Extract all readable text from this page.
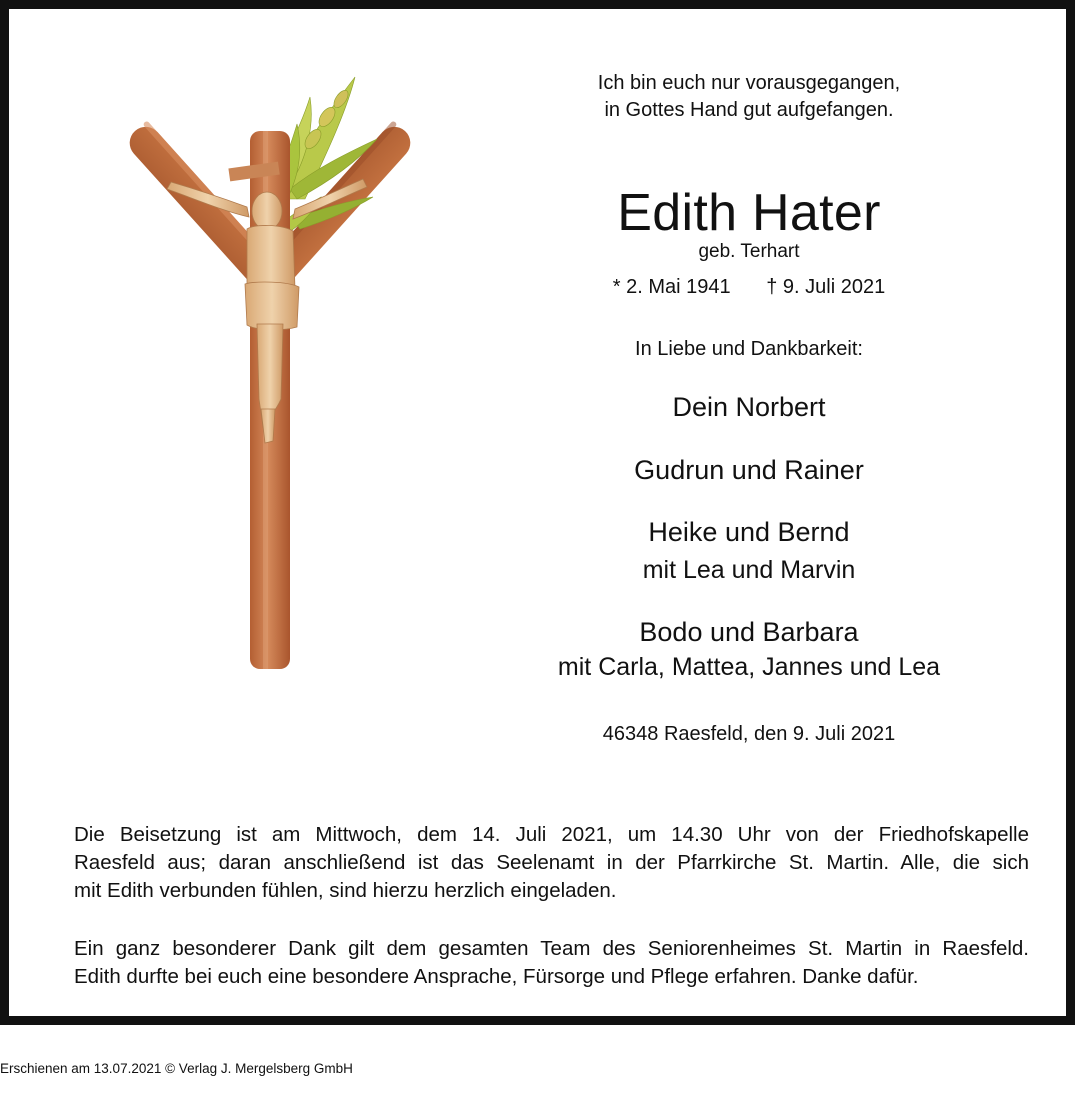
Ich bin euch nur vorausgegangen,
in Gottes Hand gut aufgefangen.
Edith Hater
geb. Terhart
* 2. Mai 1941 † 9. Juli 2021
In Liebe und Dankbarkeit:
Dein Norbert
Gudrun und Rainer
Heike und Bernd
mit Lea und Marvin
Bodo und Barbara
mit Carla, Mattea, Jannes und Lea
46348 Raesfeld, den 9. Juli 2021
Die Beisetzung ist am Mittwoch, dem 14. Juli 2021, um 14.30 Uhr von der Friedhofskapelle
Raesfeld aus; daran anschließend ist das Seelenamt in der Pfarrkirche St. Martin. Alle, die sich
mit Edith verbunden fühlen, sind hierzu herzlich eingeladen.
Ein ganz besonderer Dank gilt dem gesamten Team des Seniorenheimes St. Martin in Raesfeld.
Edith durfte bei euch eine besondere Ansprache, Fürsorge und Pflege erfahren. Danke dafür.
Erschienen am 13.07.2021 © Verlag J. Mergelsberg GmbH
